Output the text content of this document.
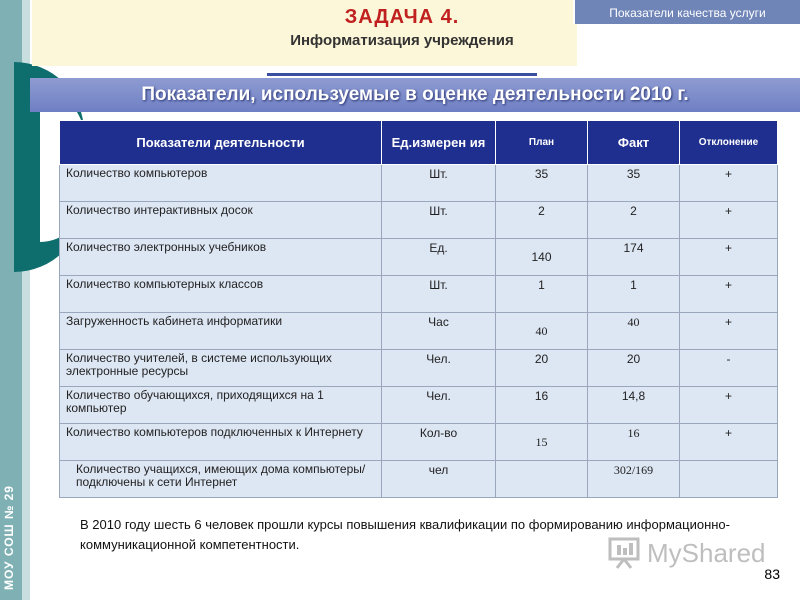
МОУ СОШ № 29
ЗАДАЧА 4.
Информатизация учреждения
Показатели качества услуги
Показатели, используемые в оценке деятельности 2010 г.
Показатели деятельности	Ед.измерен ия	План	Факт	Отклонение
Количество компьютеров	Шт.	35	35	+
Количество интерактивных досок	Шт.	2	2	+
Количество электронных учебников	Ед.	140	174	+
Количество компьютерных классов	Шт.	1	1	+
Загруженность кабинета информатики	Час	40	40	+
Количество учителей, в системе использующих электронные ресурсы	Чел.	20	20	-
Количество обучающихся, приходящихся на 1 компьютер	Чел.	16	14,8	+
Количество компьютеров подключенных к Интернету	Кол-во	15	16	+
Количество учащихся, имеющих дома компьютеры/подключены к сети Интернет	чел		302/169	
В 2010 году шесть 6 человек прошли курсы повышения квалификации по формированию информационно- коммуникационной компетентности.	MyShared
83
